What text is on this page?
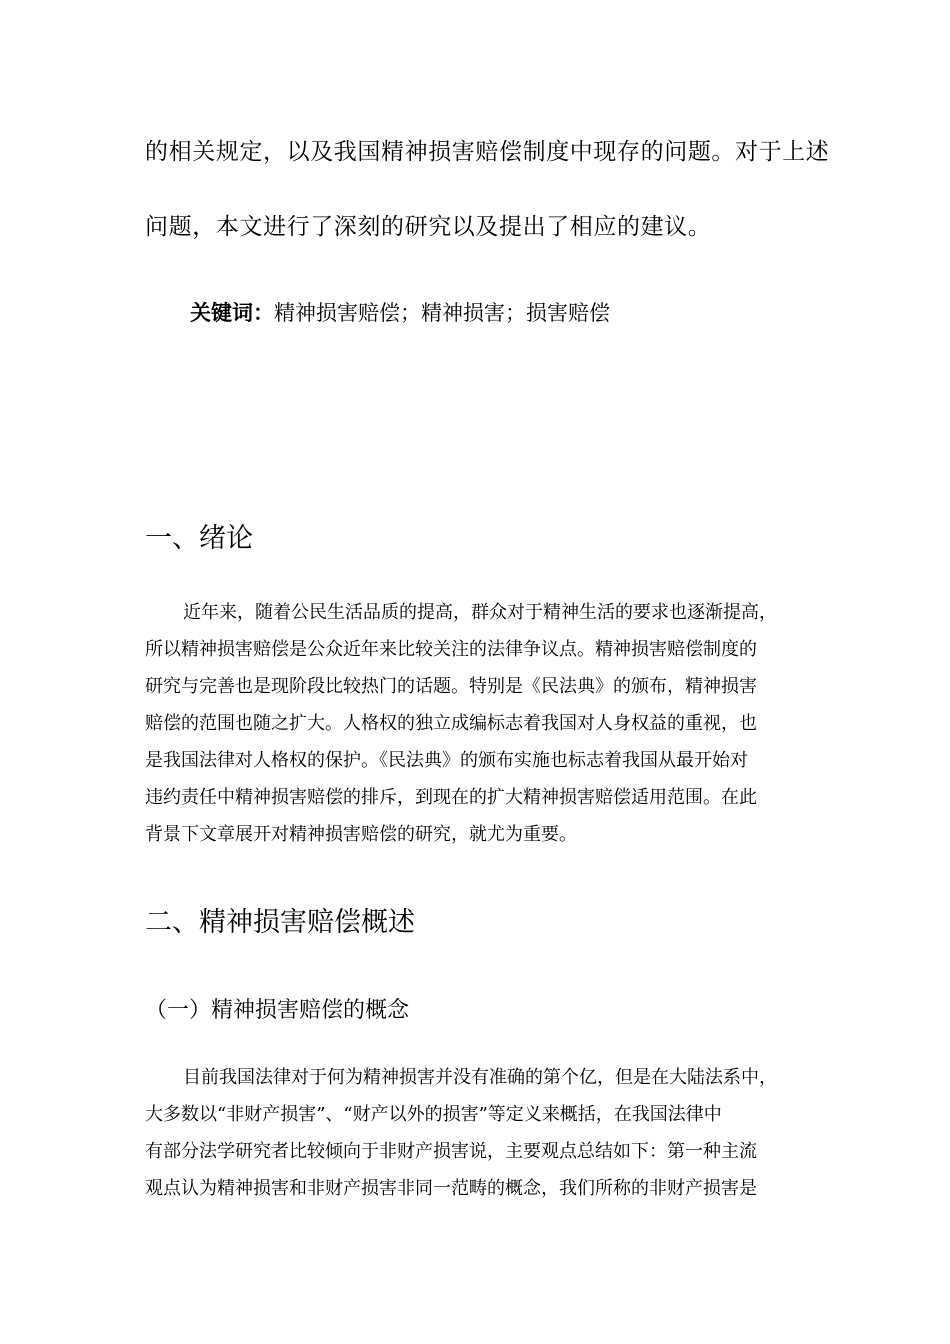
的相关规定，以及我国精神损害赔偿制度中现存的问题。对于上述
问题，本文进行了深刻的研究以及提出了相应的建议。
关键词：精神损害赔偿；精神损害；损害赔偿
一、绪论
近年来，随着公民生活品质的提高，群众对于精神生活的要求也逐渐提高，
所以精神损害赔偿是公众近年来比较关注的法律争议点。精神损害赔偿制度的
研究与完善也是现阶段比较热门的话题。特别是《民法典》的颁布，精神损害
赔偿的范围也随之扩大。人格权的独立成编标志着我国对人身权益的重视，也
是我国法律对人格权的保护。《民法典》的颁布实施也标志着我国从最开始对
违约责任中精神损害赔偿的排斥，到现在的扩大精神损害赔偿适用范围。在此
背景下文章展开对精神损害赔偿的研究，就尤为重要。
二、精神损害赔偿概述
（一）精神损害赔偿的概念
目前我国法律对于何为精神损害并没有准确的第个亿，但是在大陆法系中，
大多数以“非财产损害”、“财产以外的损害”等定义来概括，在我国法律中
有部分法学研究者比较倾向于非财产损害说，主要观点总结如下：第一种主流
观点认为精神损害和非财产损害非同一范畴的概念，我们所称的非财产损害是
